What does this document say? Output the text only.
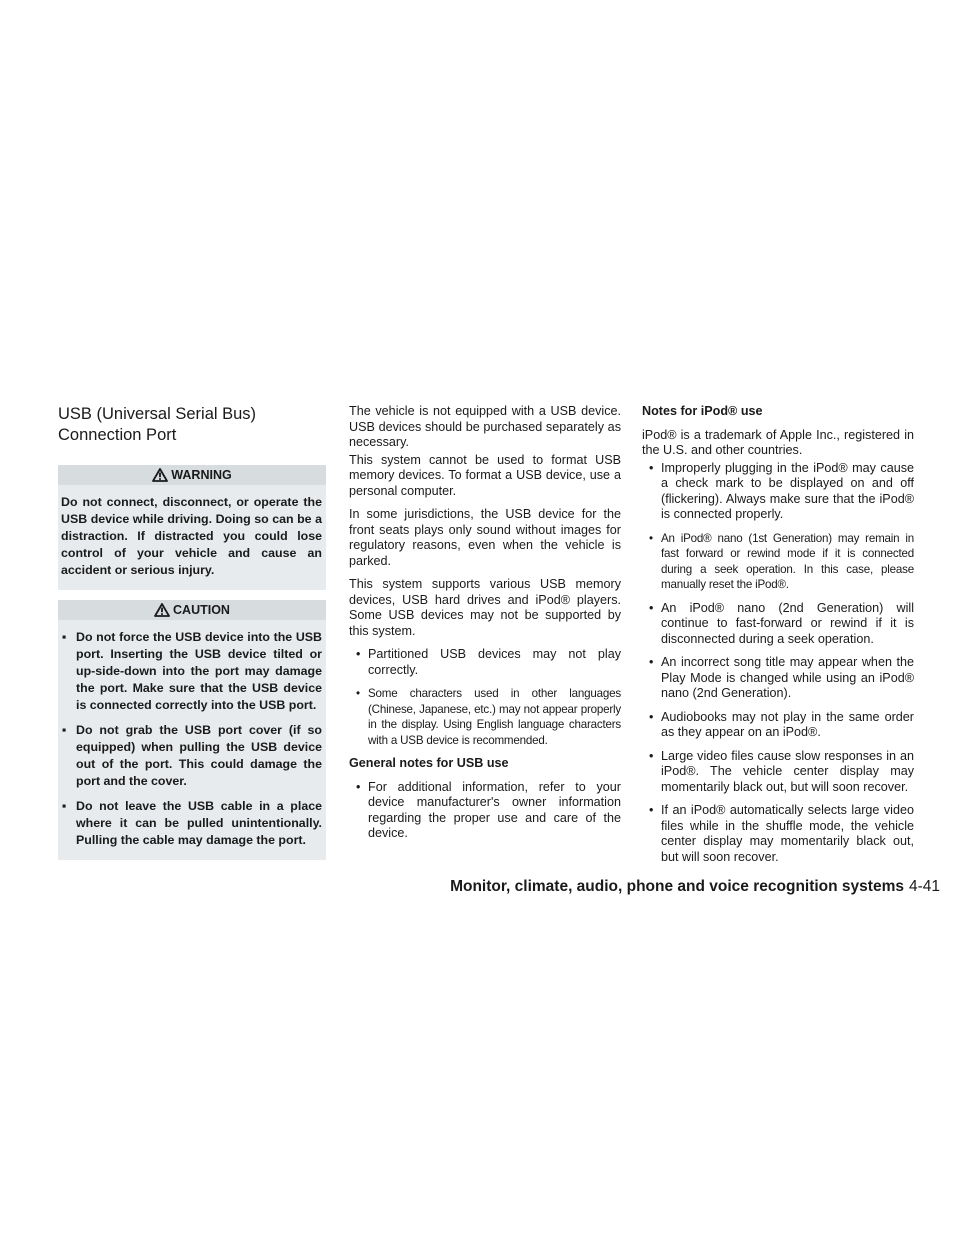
USB (Universal Serial Bus) Connection Port
WARNING

Do not connect, disconnect, or operate the USB device while driving. Doing so can be a distraction. If distracted you could lose control of your vehicle and cause an accident or serious injury.

CAUTION
▪ Do not force the USB device into the USB port. Inserting the USB device tilted or up-side-down into the port may damage the port. Make sure that the USB device is connected correctly into the USB port.
▪ Do not grab the USB port cover (if so equipped) when pulling the USB device out of the port. This could damage the port and the cover.
▪ Do not leave the USB cable in a place where it can be pulled unintentionally. Pulling the cable may damage the port.

The vehicle is not equipped with a USB device. USB devices should be purchased separately as necessary.

This system cannot be used to format USB memory devices. To format a USB device, use a personal computer.

In some jurisdictions, the USB device for the front seats plays only sound without images for regulatory reasons, even when the vehicle is parked.

This system supports various USB memory devices, USB hard drives and iPod® players. Some USB devices may not be supported by this system.

• Partitioned USB devices may not play correctly.
• Some characters used in other languages (Chinese, Japanese, etc.) may not appear properly in the display. Using English language characters with a USB device is recommended.
General notes for USB use
• For additional information, refer to your device manufacturer's owner information regarding the proper use and care of the device.
Notes for iPod® use

iPod® is a trademark of Apple Inc., registered in the U.S. and other countries.

• Improperly plugging in the iPod® may cause a check mark to be displayed on and off (flickering). Always make sure that the iPod® is connected properly.
• An iPod® nano (1st Generation) may remain in fast forward or rewind mode if it is connected during a seek operation. In this case, please manually reset the iPod®.
• An iPod® nano (2nd Generation) will continue to fast-forward or rewind if it is disconnected during a seek operation.
• An incorrect song title may appear when the Play Mode is changed while using an iPod® nano (2nd Generation).
• Audiobooks may not play in the same order as they appear on an iPod®.
• Large video files cause slow responses in an iPod®. The vehicle center display may momentarily black out, but will soon recover.
• If an iPod® automatically selects large video files while in the shuffle mode, the vehicle center display may momentarily black out, but will soon recover.
Monitor, climate, audio, phone and voice recognition systems 4-41
